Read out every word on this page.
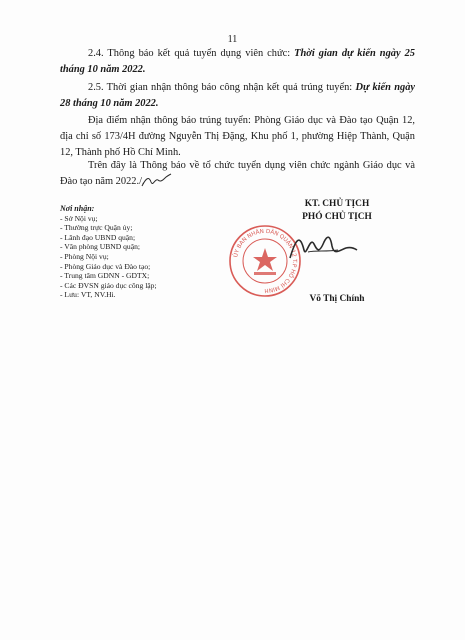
11
2.4. Thông báo kết quả tuyển dụng viên chức: Thời gian dự kiến ngày 25 tháng 10 năm 2022.
2.5. Thời gian nhận thông báo công nhận kết quả trúng tuyển: Dự kiến ngày 28 tháng 10 năm 2022.
Địa điểm nhận thông báo trúng tuyển: Phòng Giáo dục và Đào tạo Quận 12, địa chỉ số 173/4H đường Nguyễn Thị Đặng, Khu phố 1, phường Hiệp Thành, Quận 12, Thành phố Hồ Chí Minh.
Trên đây là Thông báo về tổ chức tuyển dụng viên chức ngành Giáo dục và Đào tạo năm 2022./.
Nơi nhận:
- Sở Nội vụ;
- Thường trực Quận ủy;
- Lãnh đạo UBND quận;
- Văn phòng UBND quận;
- Phòng Nội vụ;
- Phòng Giáo dục và Đào tạo;
- Trung tâm GDNN - GDTX;
- Các ĐVSN giáo dục công lập;
- Lưu: VT, NV.Hi.
KT. CHỦ TỊCH
PHÓ CHỦ TỊCH
Võ Thị Chính
ỦY BAN NHÂN DÂN QUẬN 12 T.P HỒ CHÍ MINH
